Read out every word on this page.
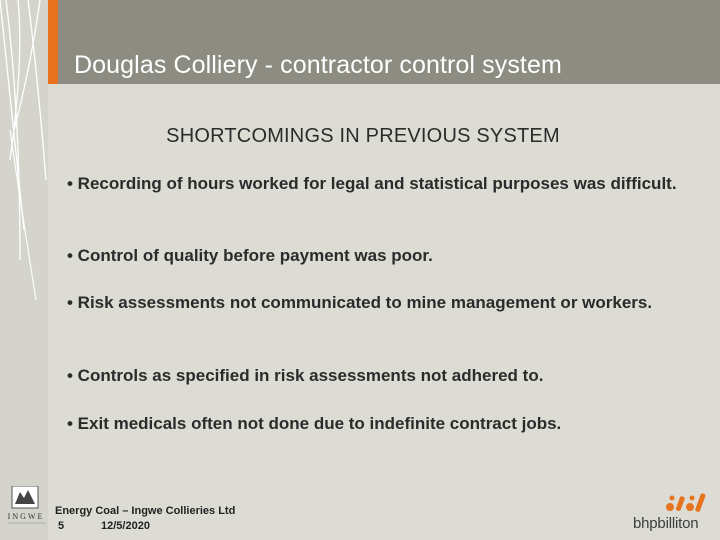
Douglas Colliery - contractor control system
SHORTCOMINGS IN PREVIOUS SYSTEM
• Recording of hours worked for legal and statistical purposes was difficult.
• Control of quality before payment was poor.
• Risk assessments not communicated to mine management or workers.
• Controls as specified in risk assessments not adhered to.
• Exit medicals often not done due to indefinite contract jobs.
INGWE Energy Coal – Ingwe Collieries Ltd
5	12/5/2020	bhpbilliton
